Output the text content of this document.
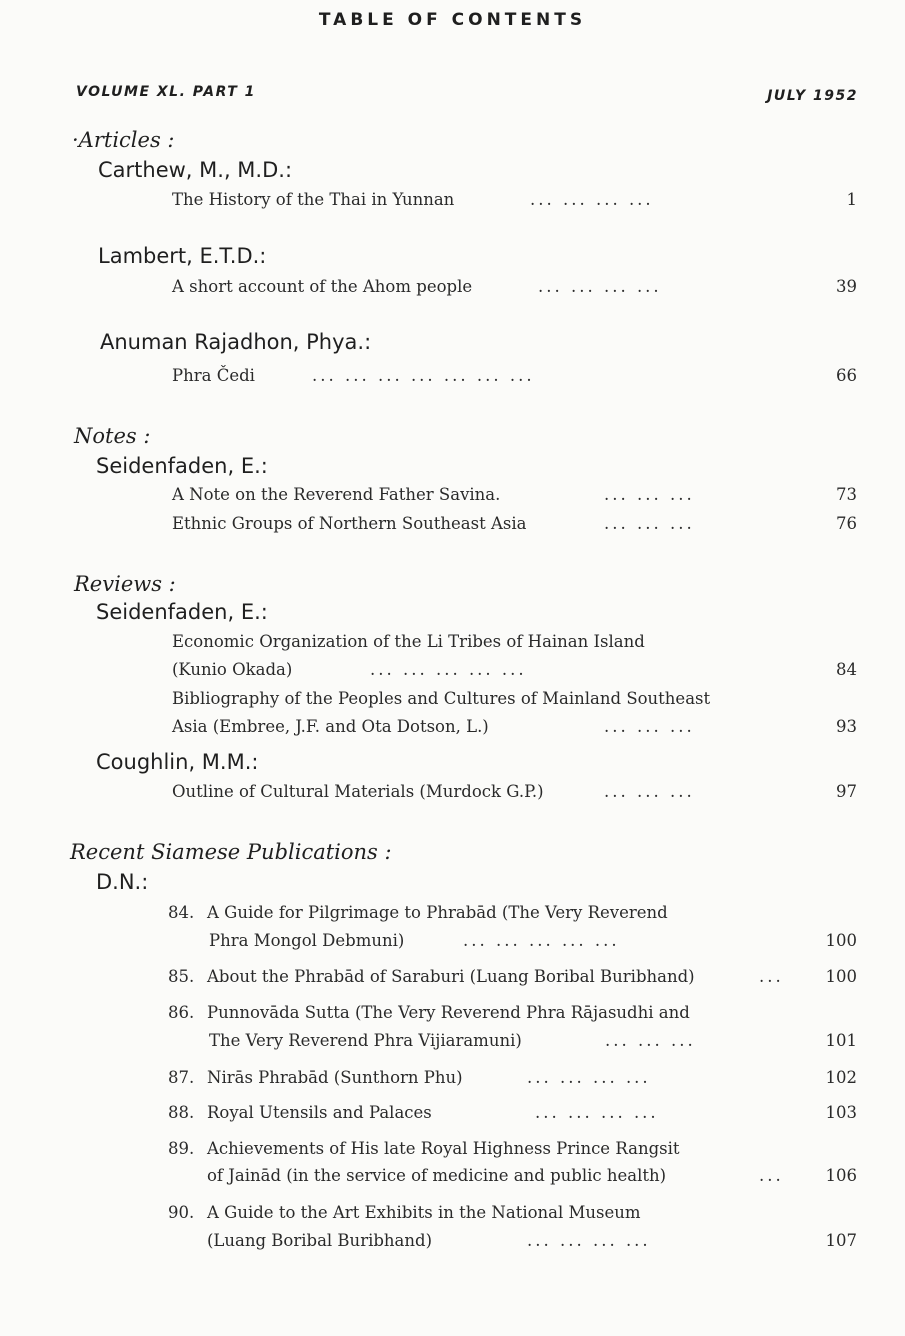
TABLE OF CONTENTS
VOLUME XL. PART 1	JULY 1952
·Articles :
Carthew, M., M.D.:
The History of the Thai in Yunnan	... ... ... ...	1
Lambert, E.T.D.:
A short account of the Ahom people	... ... ... ...	39
Anuman Rajadhon, Phya.:
Phra Čedi	... ... ... ... ... ... ...	66
Notes :
Seidenfaden, E.:
A Note on the Reverend Father Savina.	... ... ...	73
Ethnic Groups of Northern Southeast Asia	... ... ...	76
Reviews :
Seidenfaden, E.:
Economic Organization of the Li Tribes of Hainan Island
(Kunio Okada)	... ... ... ... ...	84
Bibliography of the Peoples and Cultures of Mainland Southeast
Asia (Embree, J.F. and Ota Dotson, L.)	... ... ...	93
Coughlin, M.M.:
Outline of Cultural Materials (Murdock G.P.)	... ... ...	97
Recent Siamese Publications :
D.N.:
84. A Guide for Pilgrimage to Phrabād (The Very Reverend
Phra Mongol Debmuni)	... ... ... ... ...	100
85. About the Phrabād of Saraburi (Luang Boribal Buribhand)	...	100
86. Punnovāda Sutta (The Very Reverend Phra Rājasudhi and
The Very Reverend Phra Vijiaramuni)	... ... ...	101
87. Nirās Phrabād (Sunthorn Phu)	... ... ... ...	102
88. Royal Utensils and Palaces	... ... ... ...	103
89. Achievements of His late Royal Highness Prince Rangsit
of Jainād (in the service of medicine and public health)	...	106
90. A Guide to the Art Exhibits in the National Museum
(Luang Boribal Buribhand)	... ... ... ...	107
